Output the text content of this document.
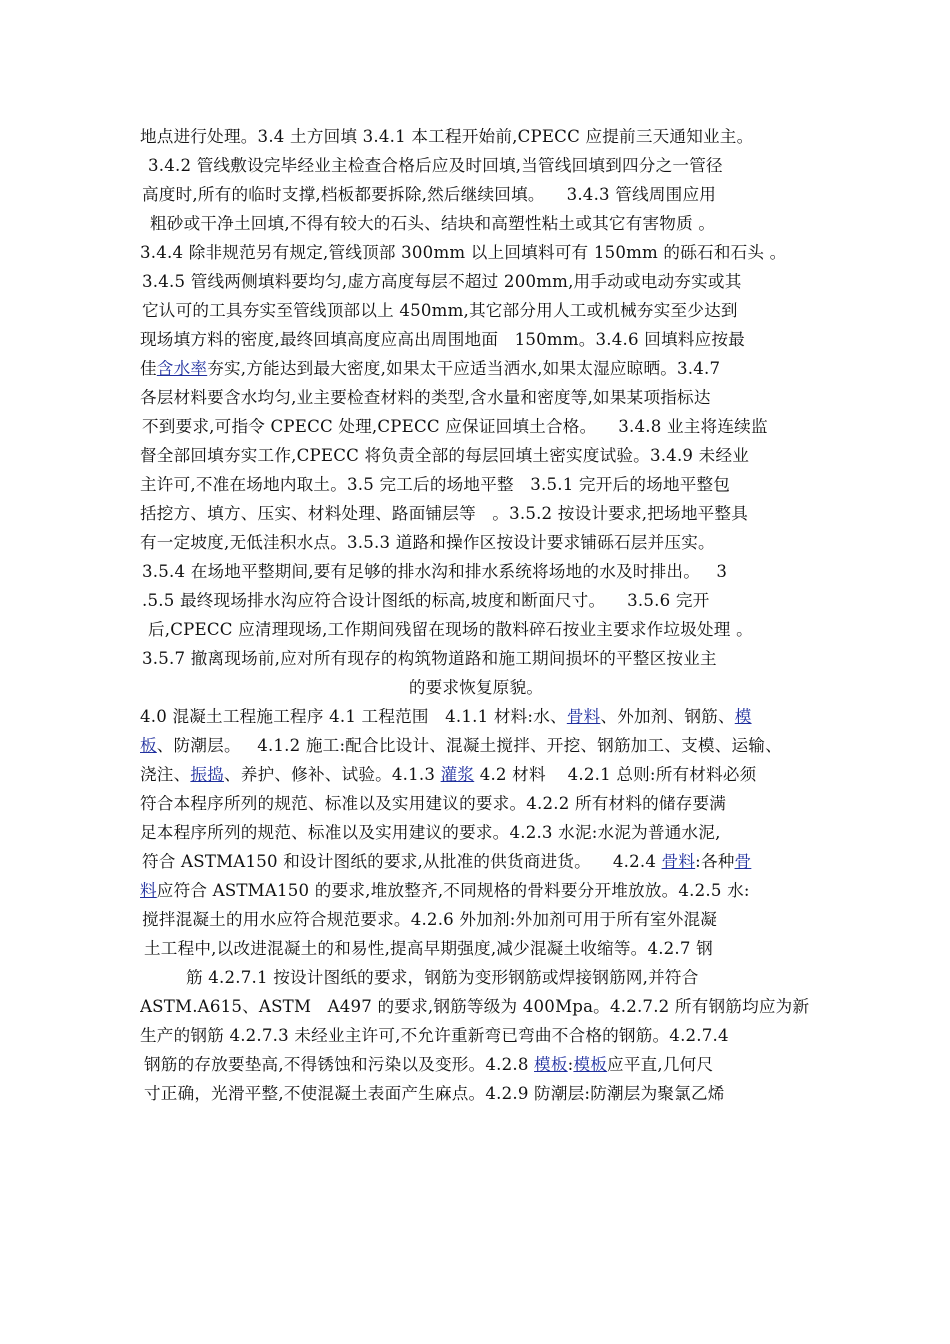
地点进行处理。3.4 土方回填 3.4.1 本工程开始前,CPECC 应提前三天通知业主。
3.4.2 管线敷设完毕经业主检查合格后应及时回填,当管线回填到四分之一管径
高度时,所有的临时支撑,档板都要拆除,然后继续回填。    3.4.3 管线周围应用
粗砂或干净土回填,不得有较大的石头、结块和高塑性粘土或其它有害物质 。
3.4.4 除非规范另有规定,管线顶部 300mm 以上回填料可有 150mm 的砾石和石头 。
3.4.5 管线两侧填料要均匀,虚方高度每层不超过 200mm,用手动或电动夯实或其
它认可的工具夯实至管线顶部以上 450mm,其它部分用人工或机械夯实至少达到
现场填方料的密度,最终回填高度应高出周围地面   150mm。3.4.6 回填料应按最
佳含水率夯实,方能达到最大密度,如果太干应适当洒水,如果太湿应晾晒。3.4.7
各层材料要含水均匀,业主要检查材料的类型,含水量和密度等,如果某项指标达
不到要求,可指令 CPECC 处理,CPECC 应保证回填土合格。    3.4.8 业主将连续监
督全部回填夯实工作,CPECC 将负责全部的每层回填土密实度试验。3.4.9 未经业
主许可,不准在场地内取土。3.5 完工后的场地平整   3.5.1 完开后的场地平整包
括挖方、填方、压实、材料处理、路面铺层等   。3.5.2 按设计要求,把场地平整具
有一定坡度,无低洼积水点。3.5.3 道路和操作区按设计要求铺砾石层并压实。
3.5.4 在场地平整期间,要有足够的排水沟和排水系统将场地的水及时排出。   3
.5.5 最终现场排水沟应符合设计图纸的标高,坡度和断面尺寸。    3.5.6 完开
后,CPECC 应清理现场,工作期间残留在现场的散料碎石按业主要求作垃圾处理 。
3.5.7 撤离现场前,应对所有现存的构筑物道路和施工期间损坏的平整区按业主
的要求恢复原貌。
4.0 混凝土工程施工程序 4.1 工程范围   4.1.1 材料:水、骨料、外加剂、钢筋、模
板、防潮层。   4.1.2 施工:配合比设计、混凝土搅拌、开挖、钢筋加工、支模、运输、
浇注、振捣、养护、修补、试验。4.1.3 灌浆 4.2 材料    4.2.1 总则:所有材料必须
符合本程序所列的规范、标准以及实用建议的要求。4.2.2 所有材料的储存要满
足本程序所列的规范、标准以及实用建议的要求。4.2.3 水泥:水泥为普通水泥,
符合 ASTMA150 和设计图纸的要求,从批准的供货商进货。    4.2.4 骨料:各种骨
料应符合 ASTMA150 的要求,堆放整齐,不同规格的骨料要分开堆放放。4.2.5 水:
搅拌混凝土的用水应符合规范要求。4.2.6 外加剂:外加剂可用于所有室外混凝
土工程中,以改进混凝土的和易性,提高早期强度,减少混凝土收缩等。4.2.7 钢
筋 4.2.7.1 按设计图纸的要求，钢筋为变形钢筋或焊接钢筋网,并符合
ASTM.A615、ASTM   A497 的要求,钢筋等级为 400Mpa。4.2.7.2 所有钢筋均应为新
生产的钢筋 4.2.7.3 未经业主许可,不允许重新弯已弯曲不合格的钢筋。4.2.7.4
钢筋的存放要垫高,不得锈蚀和污染以及变形。4.2.8 模板:模板应平直,几何尺
寸正确，光滑平整,不使混凝土表面产生麻点。4.2.9 防潮层:防潮层为聚氯乙烯
